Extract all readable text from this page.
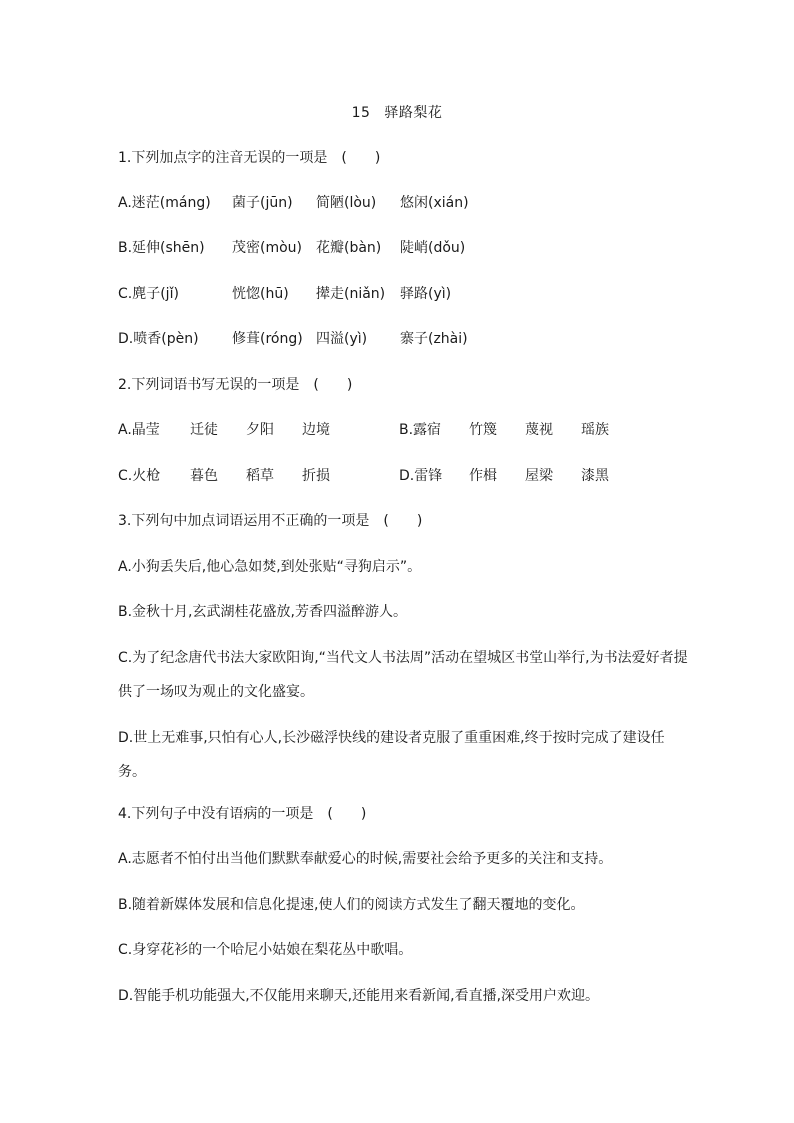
15 驿路梨花
1.下列加点字的注音无误的一项是 (　　)
A.迷茫(máng) 菌子(jūn) 简陋(lòu) 悠闲(xián)
B.延伸(shēn) 茂密(mòu) 花瓣(bàn) 陡峭(dǒu)
C.麂子(jǐ)	恍惚(hū) 撵走(niǎn) 驿路(yì)
D.喷香(pèn) 修葺(róng) 四溢(yì) 寨子(zhài)
2.下列词语书写无误的一项是 (　　)
A.晶莹 迁徒 夕阳 边境	B.露宿 竹篾 蔑视 瑶族
C.火枪 暮色 稻草 折损	D.雷锋 作楫 屋梁 漆黑
3.下列句中加点词语运用不正确的一项是 (　　)
A.小狗丢失后,他心急如焚,到处张贴“寻狗启示”。
B.金秋十月,玄武湖桂花盛放,芳香四溢醉游人。
C.为了纪念唐代书法大家欧阳询,“当代文人书法周”活动在望城区书堂山举行,为书法爱好者提供了一场叹为观止的文化盛宴。
D.世上无难事,只怕有心人,长沙磁浮快线的建设者克服了重重困难,终于按时完成了建设任务。
4.下列句子中没有语病的一项是 (　　)
A.志愿者不怕付出当他们默默奉献爱心的时候,需要社会给予更多的关注和支持。
B.随着新媒体发展和信息化提速,使人们的阅读方式发生了翻天覆地的变化。
C.身穿花衫的一个哈尼小姑娘在梨花丛中歌唱。
D.智能手机功能强大,不仅能用来聊天,还能用来看新闻,看直播,深受用户欢迎。
